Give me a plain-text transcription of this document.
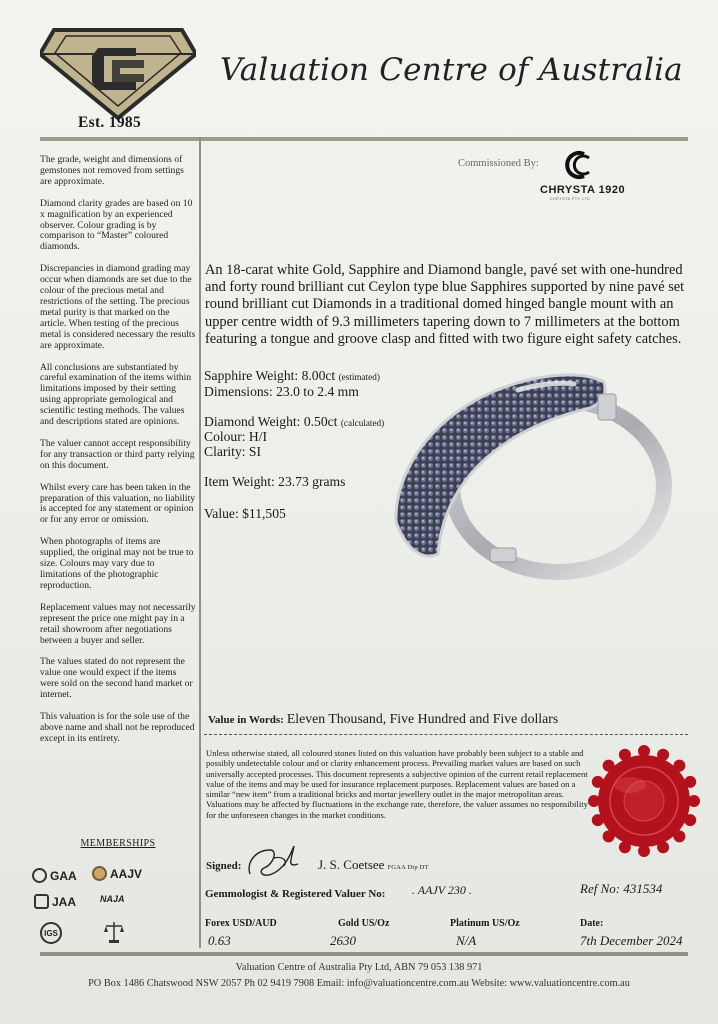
Est. 1985
Valuation Centre of Australia

The grade, weight and dimensions of gemstones not removed from settings are approximate.

Diamond clarity grades are based on 10 x magnification by an experienced observer. Colour grading is by comparison to “Master” coloured diamonds.

Discrepancies in diamond grading may occur when diamonds are set due to the colour of the precious metal and restrictions of the setting. The precious metal purity is that marked on the article. When testing of the precious metal is considered necessary the results are approximate.

All conclusions are substantiated by careful examination of the items within limitations imposed by their setting using appropriate gemological and scientific testing methods. The values and descriptions stated are opinions.

The valuer cannot accept responsibility for any transaction or third party relying on this document.

Whilst every care has been taken in the preparation of this valuation, no liability is accepted for any statement or opinion or for any error or omission.

When photographs of items are supplied, the original may not be true to size. Colours may vary due to limitations of the photographic reproduction.

Replacement values may not necessarily represent the price one might pay in a retail showroom after negotiations between a buyer and seller.

The values stated do not represent the value one would expect if the items were sold on the second hand market or internet.

This valuation is for the sole use of the above name and shall not be reproduced except in its entirety.

MEMBERSHIPS
GAA	AAJV
JAA	NAJA
IGS
Commissioned By:
CHRYSTA 1920
CHRYSTA PTY LTD
An 18-carat white Gold, Sapphire and Diamond bangle, pavé set with one-hundred and forty round brilliant cut Ceylon type blue Sapphires supported by nine pavé set round brilliant cut Diamonds in a traditional domed hinged bangle mount with an upper centre width of 9.3 millimeters tapering down to 7 millimeters at the bottom featuring a tongue and groove clasp and fitted with two figure eight safety catches.
Sapphire Weight: 8.00ct (estimated)
Dimensions: 23.0 to 2.4 mm
Diamond Weight: 0.50ct (calculated)
Colour: H/I
Clarity: SI
Item Weight: 23.73 grams
Value: $11,505
Value in Words: Eleven Thousand, Five Hundred and Five dollars
Unless otherwise stated, all coloured stones listed on this valuation have probably been subject to a stable and possibly undetectable colour and or clarity enhancement process. Prevailing market values are based on such universally accepted processes. This document represents a subjective opinion of the current retail replacement value of the items and may be used for insurance replacement purposes. Replacement values are based on a similar “new item” from a traditional bricks and mortar jewellery outlet in the major metropolitan areas. Valuations may be affected by fluctuations in the exchange rate, therefore, the valuer assumes no responsibility for the unforeseen changes in the market conditions.
Signed:	J. S. Coetsee FGAA Dip DT
Gemmologist & Registered Valuer No: . AAJV 230 .	Ref No: 431534
Forex USD/AUD
0.63
Gold US/Oz
2630
Platinum US/Oz
N/A
Date:
7th December 2024
Valuation Centre of Australia Pty Ltd, ABN 79 053 138 971
PO Box 1486 Chatswood NSW 2057 Ph 02 9419 7908 Email: info@valuationcentre.com.au Website: www.valuationcentre.com.au
